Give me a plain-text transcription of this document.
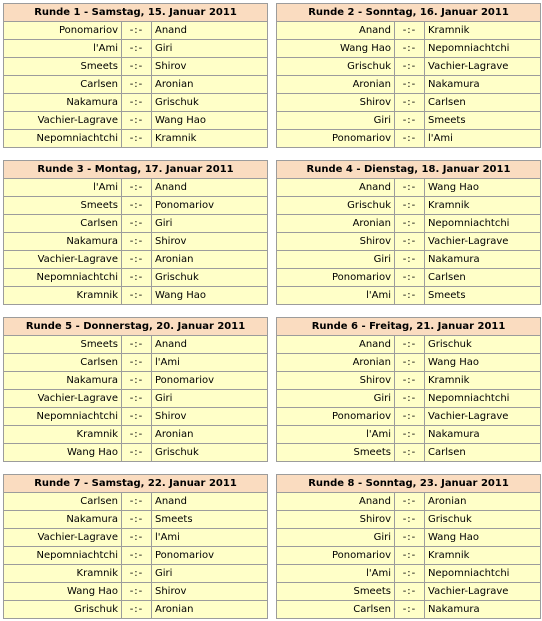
Runde 1 - Samstag, 15. Januar 2011		
Ponomariov	-:-	Anand
l'Ami	-:-	Giri
Smeets	-:-	Shirov
Carlsen	-:-	Aronian
Nakamura	-:-	Grischuk
Vachier-Lagrave	-:-	Wang Hao
Nepomniachtchi	-:-	Kramnik
Runde 2 - Sonntag, 16. Januar 2011		
Anand	-:-	Kramnik
Wang Hao	-:-	Nepomniachtchi
Grischuk	-:-	Vachier-Lagrave
Aronian	-:-	Nakamura
Shirov	-:-	Carlsen
Giri	-:-	Smeets
Ponomariov	-:-	l'Ami
Runde 3 - Montag, 17. Januar 2011		
l'Ami	-:-	Anand
Smeets	-:-	Ponomariov
Carlsen	-:-	Giri
Nakamura	-:-	Shirov
Vachier-Lagrave	-:-	Aronian
Nepomniachtchi	-:-	Grischuk
Kramnik	-:-	Wang Hao
Runde 4 - Dienstag, 18. Januar 2011		
Anand	-:-	Wang Hao
Grischuk	-:-	Kramnik
Aronian	-:-	Nepomniachtchi
Shirov	-:-	Vachier-Lagrave
Giri	-:-	Nakamura
Ponomariov	-:-	Carlsen
l'Ami	-:-	Smeets
Runde 5 - Donnerstag, 20. Januar 2011		
Smeets	-:-	Anand
Carlsen	-:-	l'Ami
Nakamura	-:-	Ponomariov
Vachier-Lagrave	-:-	Giri
Nepomniachtchi	-:-	Shirov
Kramnik	-:-	Aronian
Wang Hao	-:-	Grischuk
Runde 6 - Freitag, 21. Januar 2011		
Anand	-:-	Grischuk
Aronian	-:-	Wang Hao
Shirov	-:-	Kramnik
Giri	-:-	Nepomniachtchi
Ponomariov	-:-	Vachier-Lagrave
l'Ami	-:-	Nakamura
Smeets	-:-	Carlsen
Runde 7 - Samstag, 22. Januar 2011		
Carlsen	-:-	Anand
Nakamura	-:-	Smeets
Vachier-Lagrave	-:-	l'Ami
Nepomniachtchi	-:-	Ponomariov
Kramnik	-:-	Giri
Wang Hao	-:-	Shirov
Grischuk	-:-	Aronian
Runde 8 - Sonntag, 23. Januar 2011		
Anand	-:-	Aronian
Shirov	-:-	Grischuk
Giri	-:-	Wang Hao
Ponomariov	-:-	Kramnik
l'Ami	-:-	Nepomniachtchi
Smeets	-:-	Vachier-Lagrave
Carlsen	-:-	Nakamura
